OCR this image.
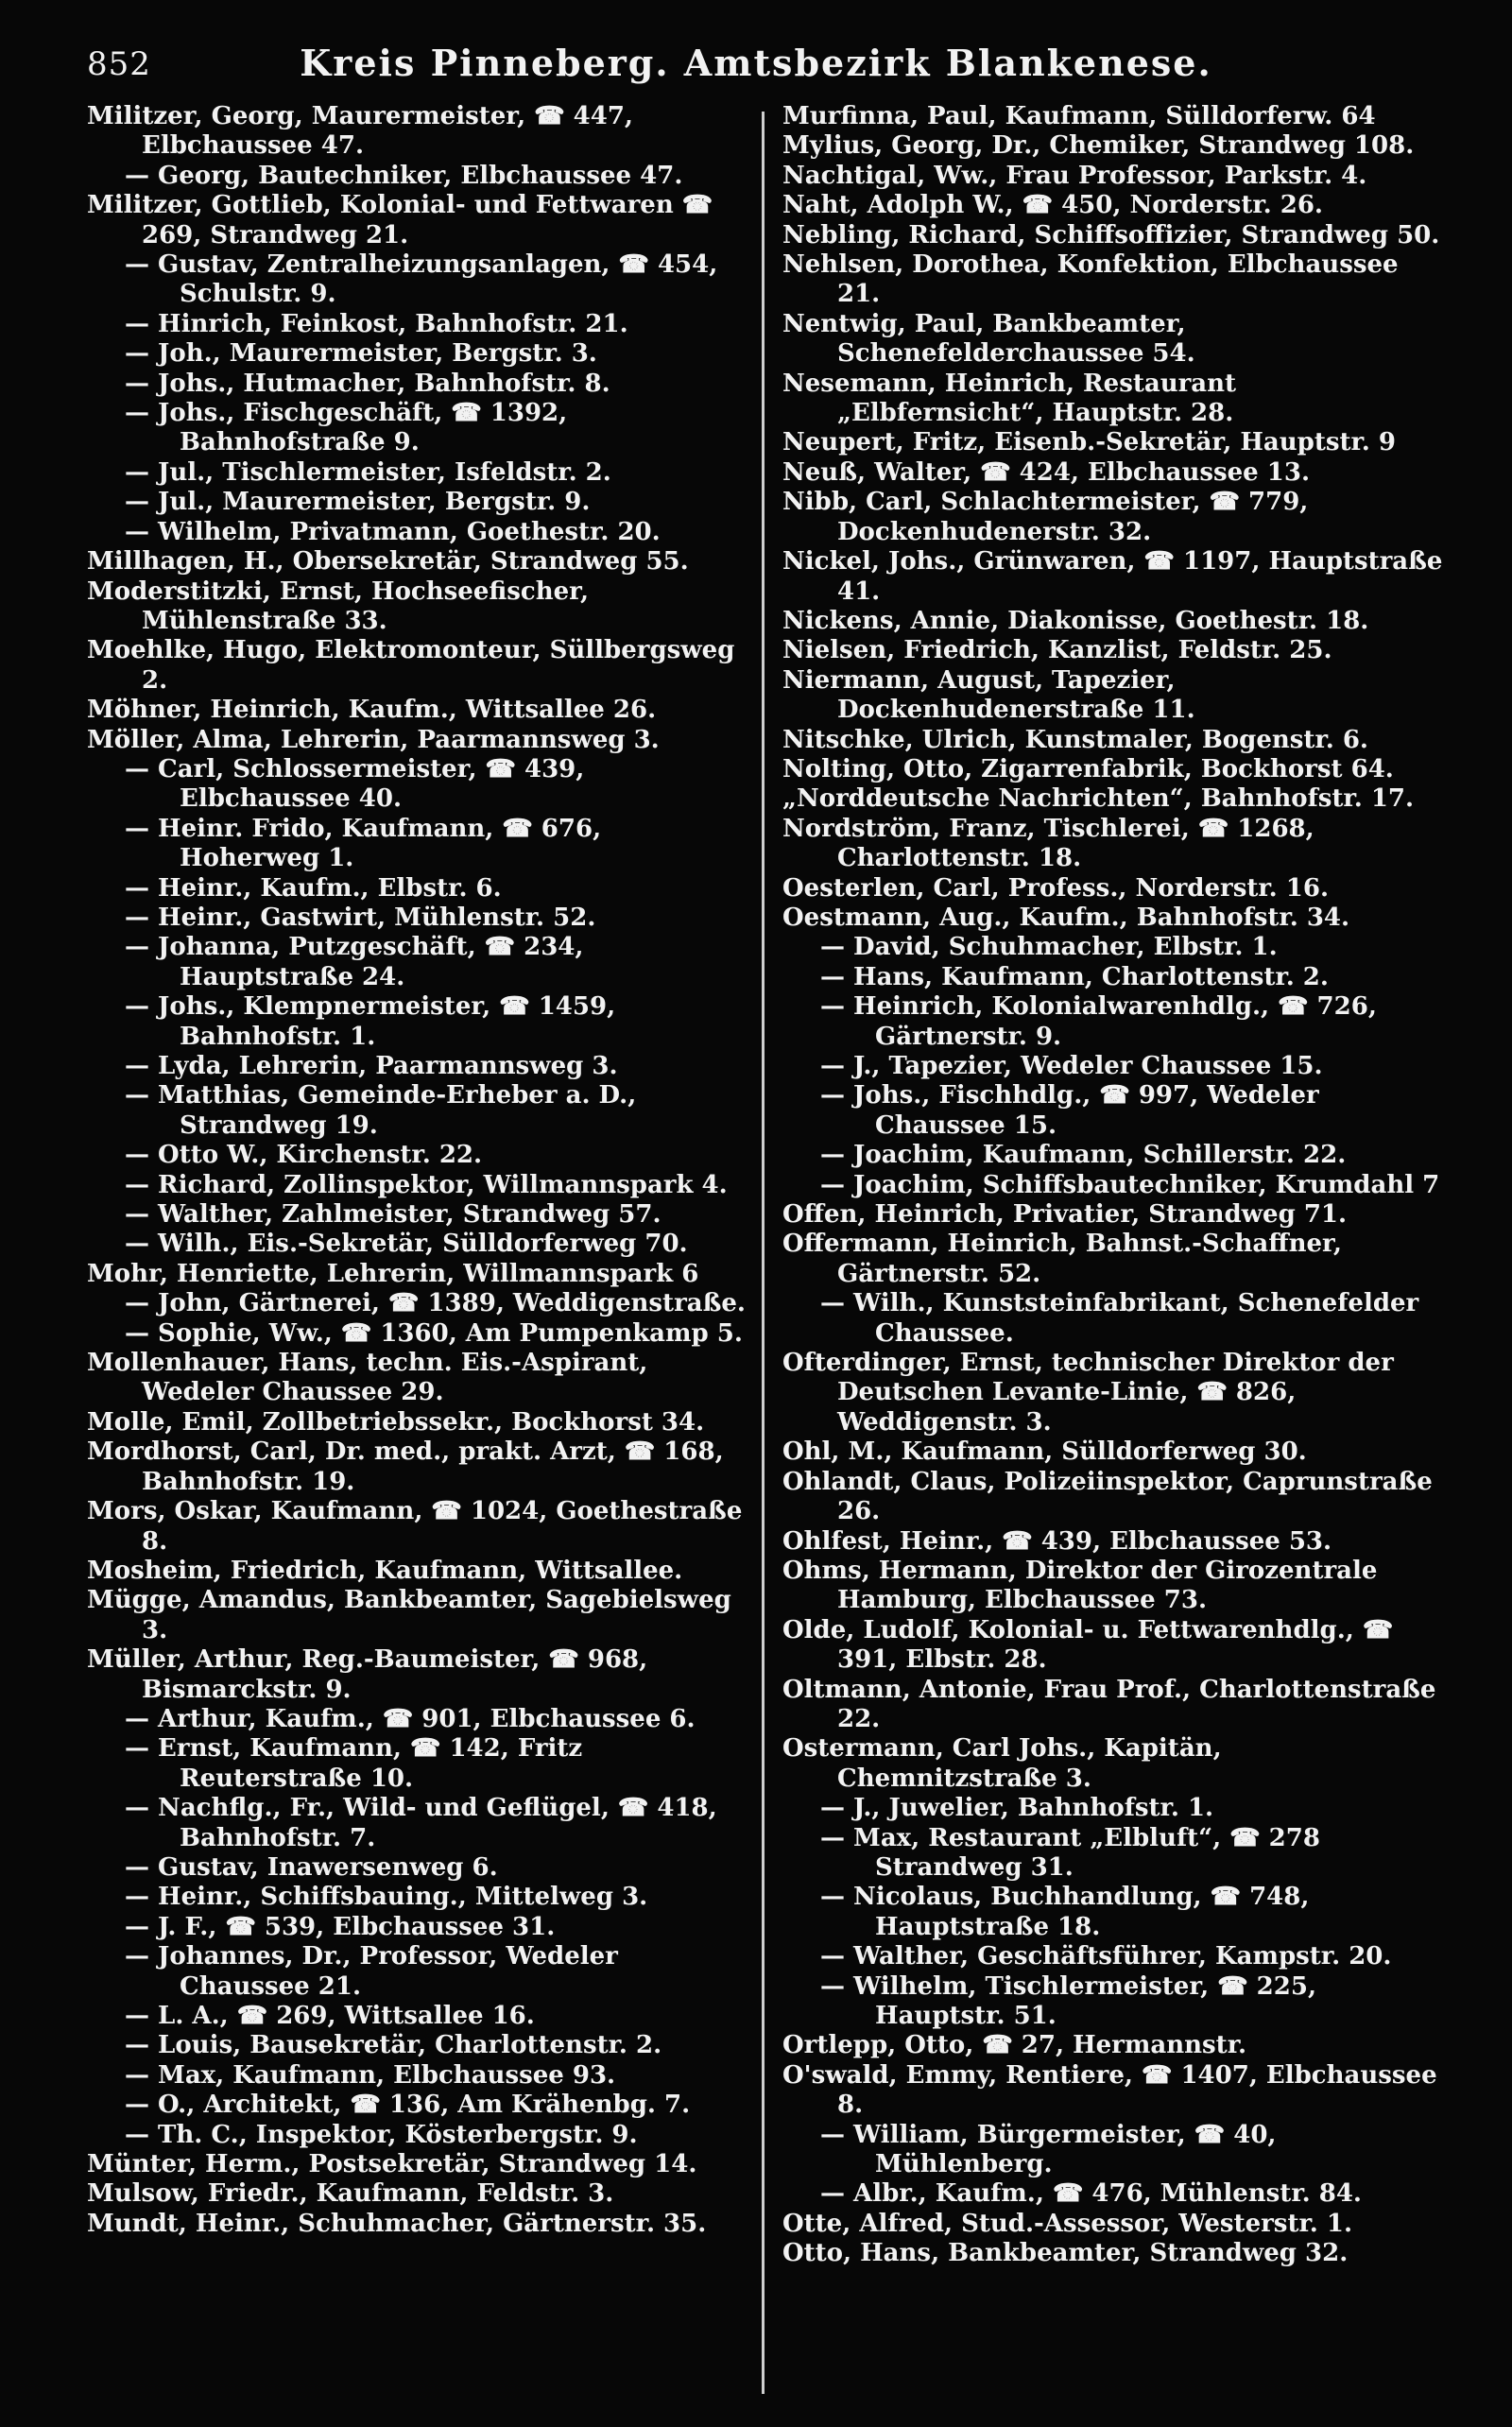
852	Kreis Pinneberg. Amtsbezirk Blankenese.
Militzer, Georg, Maurermeister, ☎ 447, Elbchaussee 47.
— Georg, Bautechniker, Elbchaussee 47.
Militzer, Gottlieb, Kolonial- und Fettwaren ☎ 269, Strandweg 21.
— Gustav, Zentralheizungsanlagen, ☎ 454, Schulstr. 9.
— Hinrich, Feinkost, Bahnhofstr. 21.
— Joh., Maurermeister, Bergstr. 3.
— Johs., Hutmacher, Bahnhofstr. 8.
— Johs., Fischgeschäft, ☎ 1392, Bahnhofstraße 9.
— Jul., Tischlermeister, Isfeldstr. 2.
— Jul., Maurermeister, Bergstr. 9.
— Wilhelm, Privatmann, Goethestr. 20.
Millhagen, H., Obersekretär, Strandweg 55.
Moderstitzki, Ernst, Hochseefischer, Mühlenstraße 33.
Moehlke, Hugo, Elektromonteur, Süllbergsweg 2.
Möhner, Heinrich, Kaufm., Wittsallee 26.
Möller, Alma, Lehrerin, Paarmannsweg 3.
— Carl, Schlossermeister, ☎ 439, Elbchaussee 40.
— Heinr. Frido, Kaufmann, ☎ 676, Hoherweg 1.
— Heinr., Kaufm., Elbstr. 6.
— Heinr., Gastwirt, Mühlenstr. 52.
— Johanna, Putzgeschäft, ☎ 234, Hauptstraße 24.
— Johs., Klempnermeister, ☎ 1459, Bahnhofstr. 1.
— Lyda, Lehrerin, Paarmannsweg 3.
— Matthias, Gemeinde-Erheber a. D., Strandweg 19.
— Otto W., Kirchenstr. 22.
— Richard, Zollinspektor, Willmannspark 4.
— Walther, Zahlmeister, Strandweg 57.
— Wilh., Eis.-Sekretär, Sülldorferweg 70.
Mohr, Henriette, Lehrerin, Willmannspark 6
— John, Gärtnerei, ☎ 1389, Weddigenstraße.
— Sophie, Ww., ☎ 1360, Am Pumpenkamp 5.
Mollenhauer, Hans, techn. Eis.-Aspirant, Wedeler Chaussee 29.
Molle, Emil, Zollbetriebssekr., Bockhorst 34.
Mordhorst, Carl, Dr. med., prakt. Arzt, ☎ 168, Bahnhofstr. 19.
Mors, Oskar, Kaufmann, ☎ 1024, Goethestraße 8.
Mosheim, Friedrich, Kaufmann, Wittsallee.
Mügge, Amandus, Bankbeamter, Sagebielsweg 3.
Müller, Arthur, Reg.-Baumeister, ☎ 968, Bismarckstr. 9.
— Arthur, Kaufm., ☎ 901, Elbchaussee 6.
— Ernst, Kaufmann, ☎ 142, Fritz Reuterstraße 10.
— Nachflg., Fr., Wild- und Geflügel, ☎ 418, Bahnhofstr. 7.
— Gustav, Inawersenweg 6.
— Heinr., Schiffsbauing., Mittelweg 3.
— J. F., ☎ 539, Elbchaussee 31.
— Johannes, Dr., Professor, Wedeler Chaussee 21.
— L. A., ☎ 269, Wittsallee 16.
— Louis, Bausekretär, Charlottenstr. 2.
— Max, Kaufmann, Elbchaussee 93.
— O., Architekt, ☎ 136, Am Krähenbg. 7.
— Th. C., Inspektor, Kösterbergstr. 9.
Münter, Herm., Postsekretär, Strandweg 14.
Mulsow, Friedr., Kaufmann, Feldstr. 3.
Mundt, Heinr., Schuhmacher, Gärtnerstr. 35.
Murfinna, Paul, Kaufmann, Sülldorferw. 64
Mylius, Georg, Dr., Chemiker, Strandweg 108.
Nachtigal, Ww., Frau Professor, Parkstr. 4.
Naht, Adolph W., ☎ 450, Norderstr. 26.
Nebling, Richard, Schiffsoffizier, Strandweg 50.
Nehlsen, Dorothea, Konfektion, Elbchaussee 21.
Nentwig, Paul, Bankbeamter, Schenefelderchaussee 54.
Nesemann, Heinrich, Restaurant „Elbfernsicht“, Hauptstr. 28.
Neupert, Fritz, Eisenb.-Sekretär, Hauptstr. 9
Neuß, Walter, ☎ 424, Elbchaussee 13.
Nibb, Carl, Schlachtermeister, ☎ 779, Dockenhudenerstr. 32.
Nickel, Johs., Grünwaren, ☎ 1197, Hauptstraße 41.
Nickens, Annie, Diakonisse, Goethestr. 18.
Nielsen, Friedrich, Kanzlist, Feldstr. 25.
Niermann, August, Tapezier, Dockenhudenerstraße 11.
Nitschke, Ulrich, Kunstmaler, Bogenstr. 6.
Nolting, Otto, Zigarrenfabrik, Bockhorst 64.
„Norddeutsche Nachrichten“, Bahnhofstr. 17.
Nordström, Franz, Tischlerei, ☎ 1268, Charlottenstr. 18.
Oesterlen, Carl, Profess., Norderstr. 16.
Oestmann, Aug., Kaufm., Bahnhofstr. 34.
— David, Schuhmacher, Elbstr. 1.
— Hans, Kaufmann, Charlottenstr. 2.
— Heinrich, Kolonialwarenhdlg., ☎ 726, Gärtnerstr. 9.
— J., Tapezier, Wedeler Chaussee 15.
— Johs., Fischhdlg., ☎ 997, Wedeler Chaussee 15.
— Joachim, Kaufmann, Schillerstr. 22.
— Joachim, Schiffsbautechniker, Krumdahl 7
Offen, Heinrich, Privatier, Strandweg 71.
Offermann, Heinrich, Bahnst.-Schaffner, Gärtnerstr. 52.
— Wilh., Kunststeinfabrikant, Schenefelder Chaussee.
Ofterdinger, Ernst, technischer Direktor der Deutschen Levante-Linie, ☎ 826, Weddigenstr. 3.
Ohl, M., Kaufmann, Sülldorferweg 30.
Ohlandt, Claus, Polizeiinspektor, Caprunstraße 26.
Ohlfest, Heinr., ☎ 439, Elbchaussee 53.
Ohms, Hermann, Direktor der Girozentrale Hamburg, Elbchaussee 73.
Olde, Ludolf, Kolonial- u. Fettwarenhdlg., ☎ 391, Elbstr. 28.
Oltmann, Antonie, Frau Prof., Charlottenstraße 22.
Ostermann, Carl Johs., Kapitän, Chemnitzstraße 3.
— J., Juwelier, Bahnhofstr. 1.
— Max, Restaurant „Elbluft“, ☎ 278 Strandweg 31.
— Nicolaus, Buchhandlung, ☎ 748, Hauptstraße 18.
— Walther, Geschäftsführer, Kampstr. 20.
— Wilhelm, Tischlermeister, ☎ 225, Hauptstr. 51.
Ortlepp, Otto, ☎ 27, Hermannstr.
O'swald, Emmy, Rentiere, ☎ 1407, Elbchaussee 8.
— William, Bürgermeister, ☎ 40, Mühlenberg.
— Albr., Kaufm., ☎ 476, Mühlenstr. 84.
Otte, Alfred, Stud.-Assessor, Westerstr. 1.
Otto, Hans, Bankbeamter, Strandweg 32.
